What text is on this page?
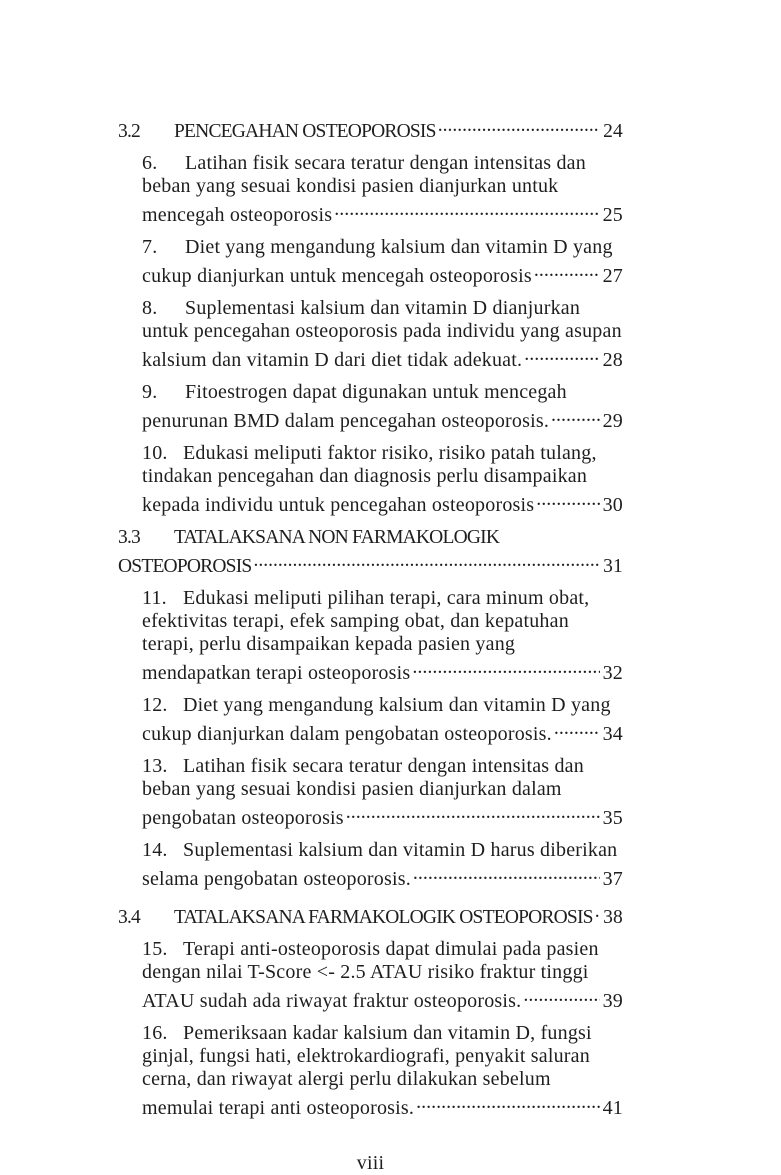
3.2 PENCEGAHAN OSTEOPOROSIS .....	24
6. Latihan fisik secara teratur dengan intensitas dan beban yang sesuai kondisi pasien dianjurkan untuk mencegah osteoporosis .....	25
7. Diet yang mengandung kalsium dan vitamin D yang cukup dianjurkan untuk mencegah osteoporosis .....	27
8. Suplementasi kalsium dan vitamin D dianjurkan untuk pencegahan osteoporosis pada individu yang asupan kalsium dan vitamin D dari diet tidak adekuat. .....	28
9. Fitoestrogen dapat digunakan untuk mencegah penurunan BMD dalam pencegahan osteoporosis. .....	29
10. Edukasi meliputi faktor risiko, risiko patah tulang, tindakan pencegahan dan diagnosis perlu disampaikan kepada individu untuk pencegahan osteoporosis .....	30
3.3 TATALAKSANA NON FARMAKOLOGIK OSTEOPOROSIS .....	31
11. Edukasi meliputi pilihan terapi, cara minum obat, efektivitas terapi, efek samping obat, dan kepatuhan terapi, perlu disampaikan kepada pasien yang mendapatkan terapi osteoporosis .....	32
12. Diet yang mengandung kalsium dan vitamin D yang cukup dianjurkan dalam pengobatan osteoporosis. .....	34
13. Latihan fisik secara teratur dengan intensitas dan beban yang sesuai kondisi pasien dianjurkan dalam pengobatan osteoporosis .....	35
14. Suplementasi kalsium dan vitamin D harus diberikan selama pengobatan osteoporosis. .....	37
3.4 TATALAKSANA FARMAKOLOGIK OSTEOPOROSIS ..... 38
15. Terapi anti-osteoporosis dapat dimulai pada pasien dengan nilai T-Score <- 2.5 ATAU risiko fraktur tinggi ATAU sudah ada riwayat fraktur osteoporosis. .....	39
16. Pemeriksaan kadar kalsium dan vitamin D, fungsi ginjal, fungsi hati, elektrokardiografi, penyakit saluran cerna, dan riwayat alergi perlu dilakukan sebelum memulai terapi anti osteoporosis. .....	41
viii
